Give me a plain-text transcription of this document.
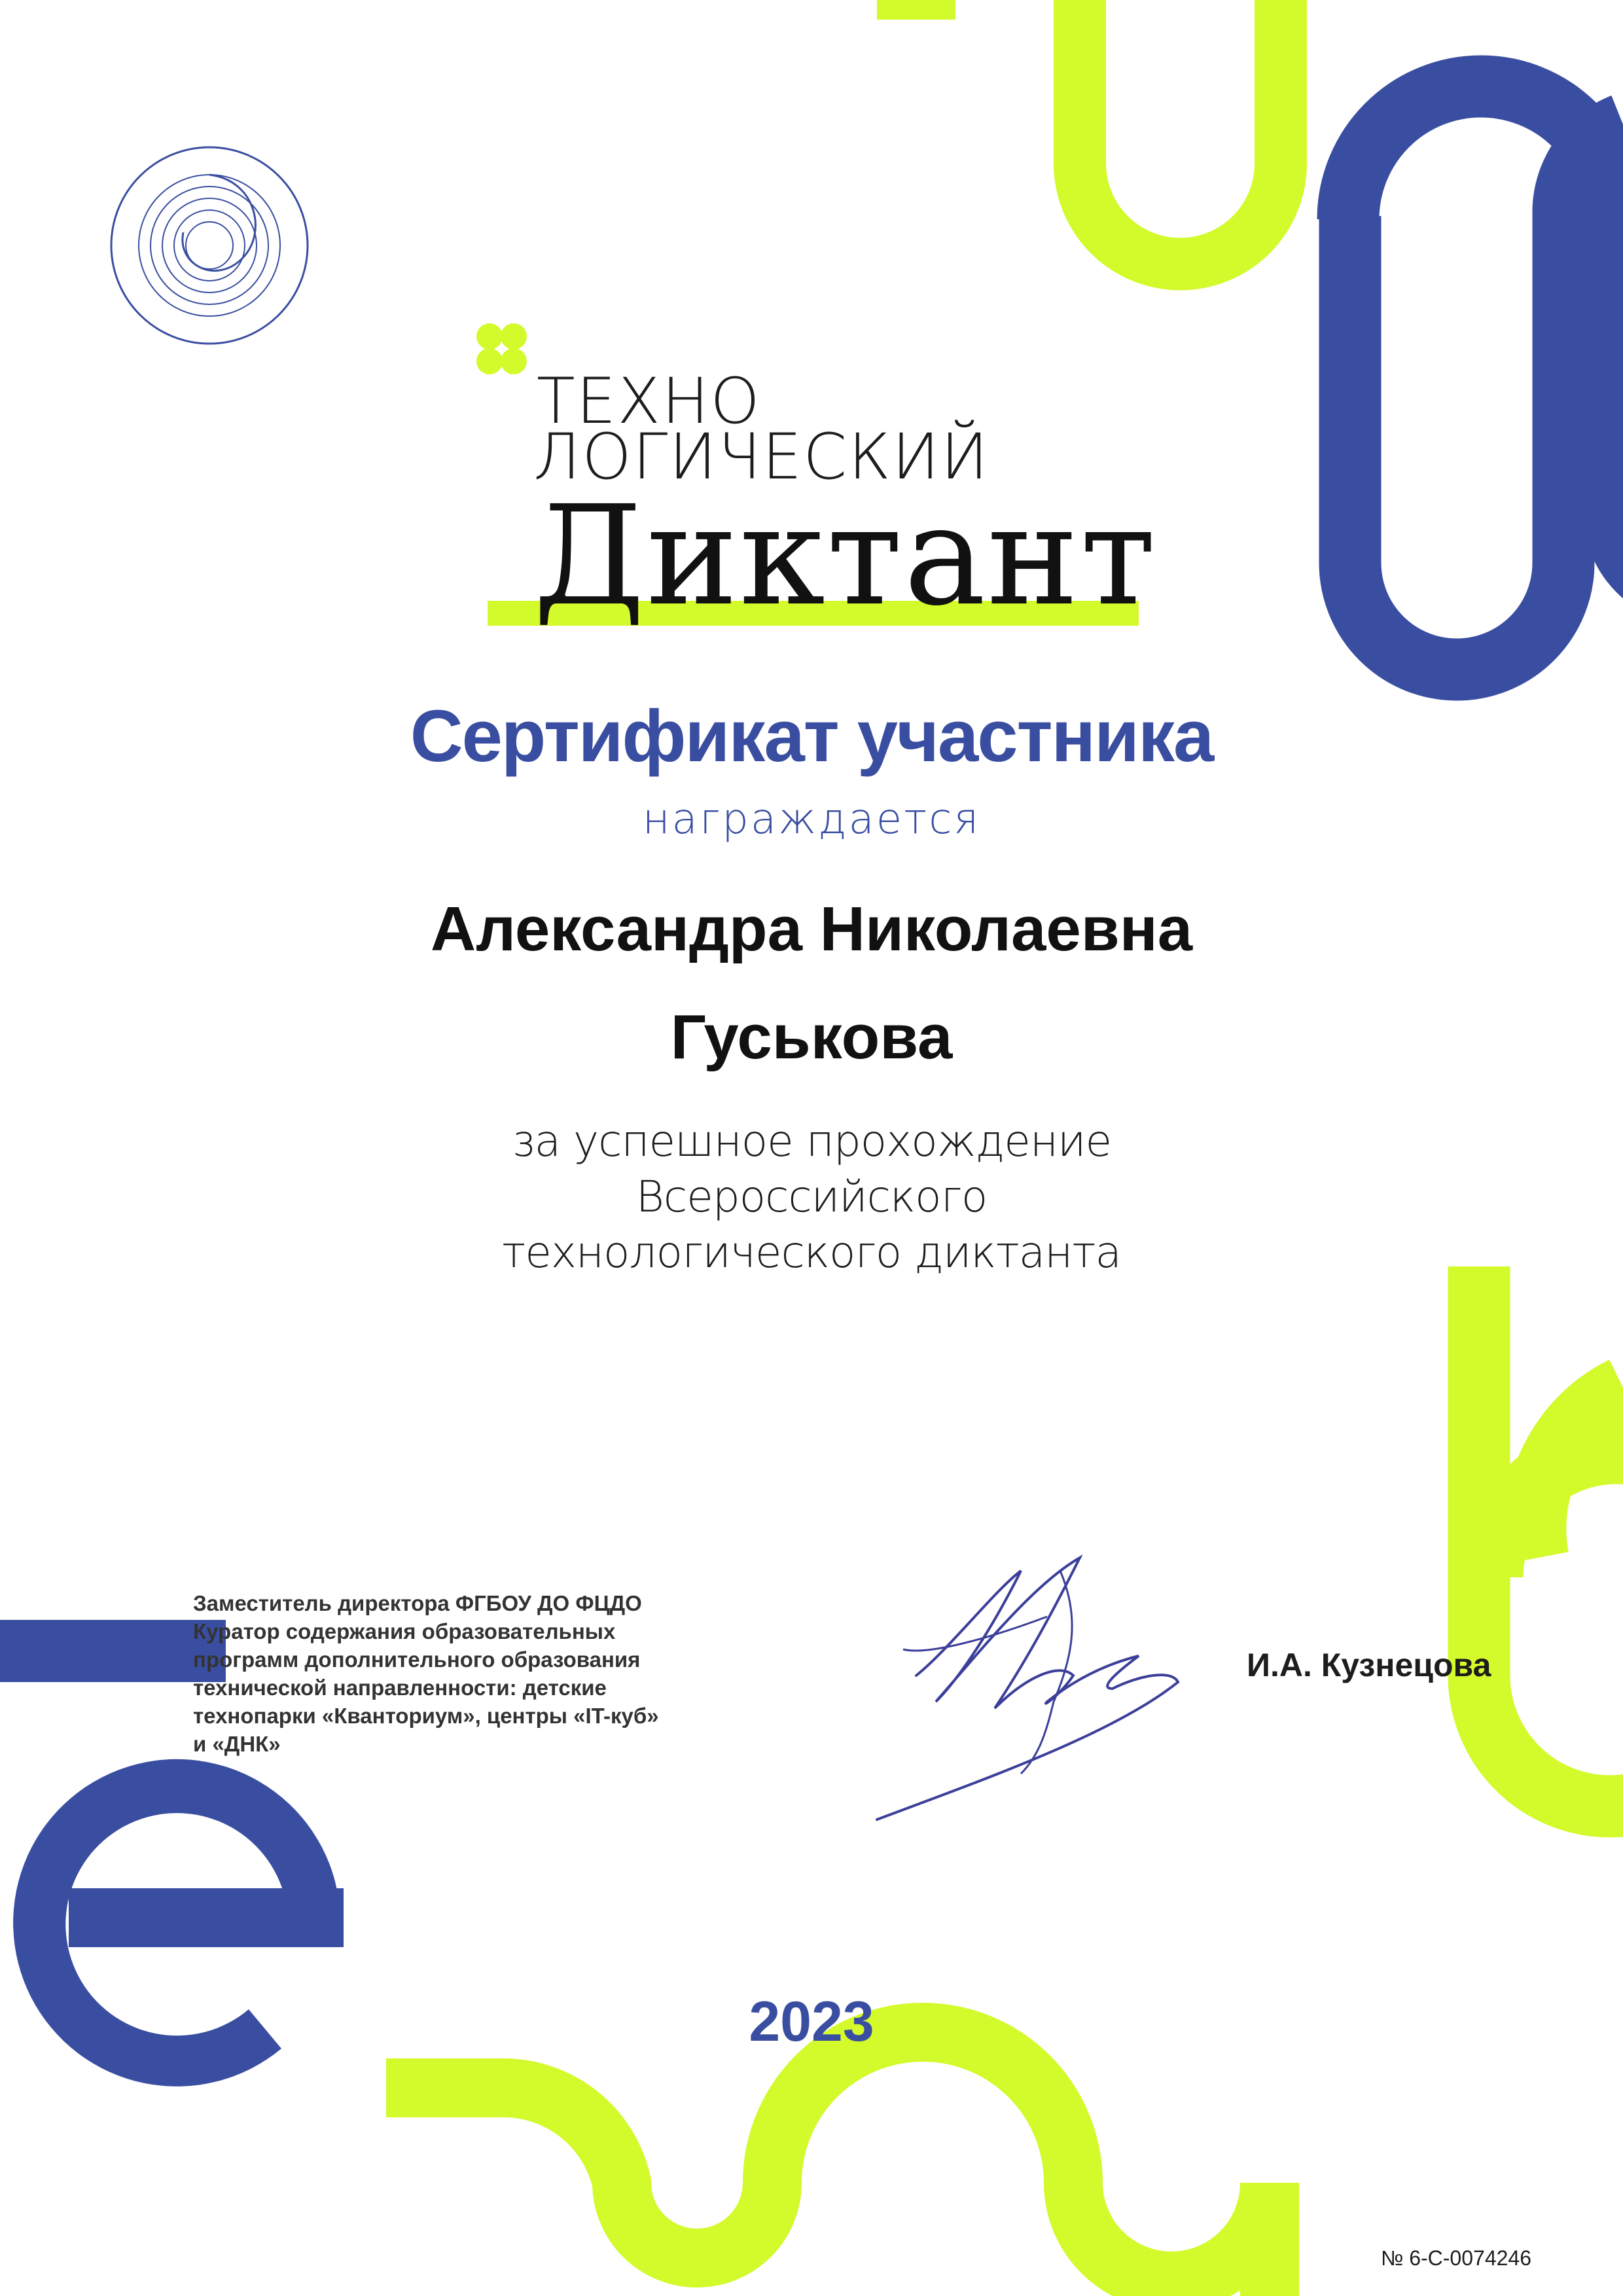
ТЕХНО
ЛОГИЧЕСКИЙ
Диктант
Сертификат участника
награждается
Александра Николаевна
Гуськова
за успешное прохождение
Всероссийского
технологического диктанта
Заместитель директора ФГБОУ ДО ФЦДО
Куратор содержания образовательных
программ дополнительного образования
технической направленности: детские
технопарки «Кванториум», центры «IT-куб»
и «ДНК»
И.А. Кузнецова
2023
№ 6-С-0074246
